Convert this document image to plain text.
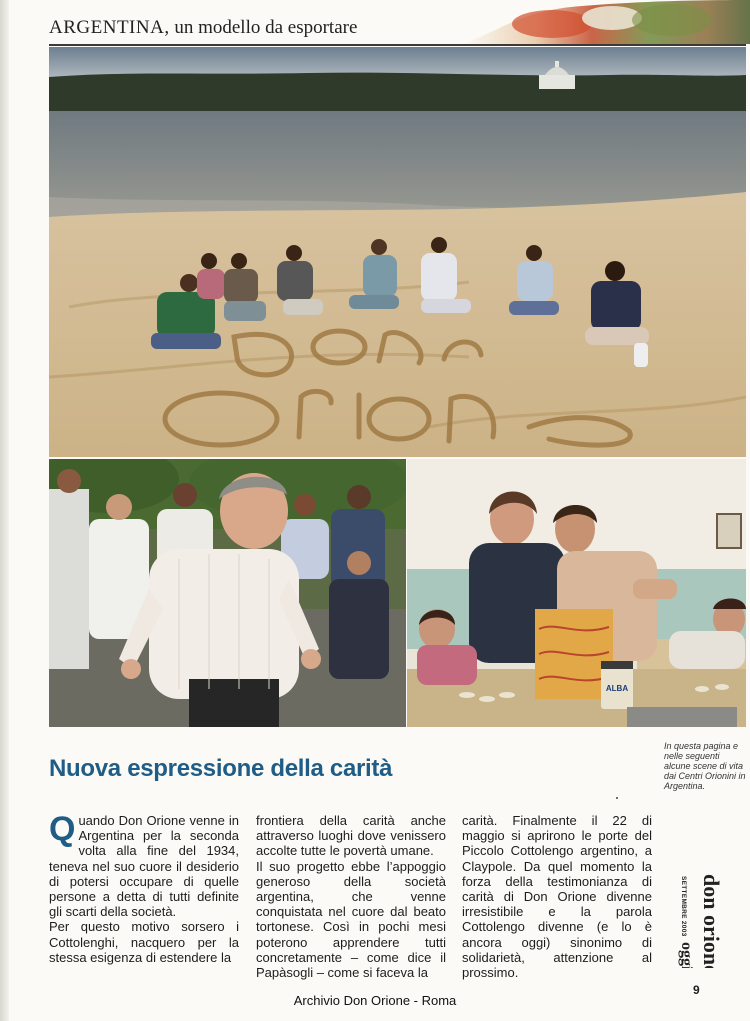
ARGENTINA, un modello da esportare
ALBA
In questa pagina e nelle seguenti alcune scene di vita dai Centri Orionini in Argentina.
Nuova espressione della carità

Quando Don Orione venne in Argentina per la seconda volta alla fine del 1934, teneva nel suo cuore il desiderio di potersi occupare di quelle persone a detta di tutti definite gli scarti della società.

Per questo motivo sorsero i Cottolenghi, nacquero per la stessa esigenza di estendere la

frontiera della carità anche attraverso luoghi dove venissero accolte tutte le povertà umane.

Il suo progetto ebbe l’appoggio generoso della società argentina, che venne conquistata nel cuore dal beato tortonese. Così in pochi mesi poterono apprendere tutti concretamente – come dice il Papàsogli – come si faceva la

carità. Finalmente il 22 di maggio si aprirono le porte del Piccolo Cottolengo argentino, a Claypole. Da quel momento la forza della testimonianza di carità di Don Orione divenne irresistibile e la parola Cottolengo divenne (e lo è ancora oggi) sinonimo di solidarietà, attenzione al prossimo.	don orione
SETTEMBRE 2003
oggi
9
Archivio Don Orione - Roma
